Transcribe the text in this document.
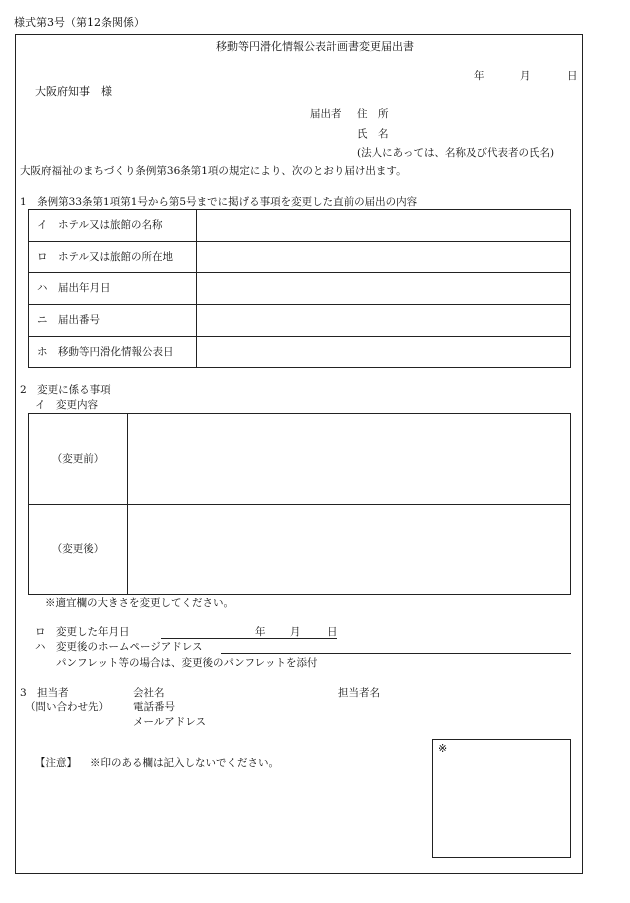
様式第3号（第12条関係）
移動等円滑化情報公表計画書変更届出書
年	月	日
大阪府知事　様
届出者 住　所
氏　名
(法人にあっては、名称及び代表者の氏名)
大阪府福祉のまちづくり条例第36条第1項の規定により、次のとおり届け出ます。
1　条例第33条第1項第1号から第5号までに掲げる事項を変更した直前の届出の内容
イ　ホテル又は旅館の名称	
ロ　ホテル又は旅館の所在地	
ハ　届出年月日	
ニ　届出番号	
ホ　移動等円滑化情報公表日	
2　変更に係る事項
イ　変更内容
（変更前）	
（変更後）	
※適宜欄の大きさを変更してください。
ロ　変更した年月日	年 月	日
ハ　変更後のホームページアドレス
パンフレット等の場合は、変更後のパンフレットを添付
3　担当者
（問い合わせ先）
会社名	担当者名
電話番号
メールアドレス
【注意】 ※印のある欄は記入しないでください。
※
